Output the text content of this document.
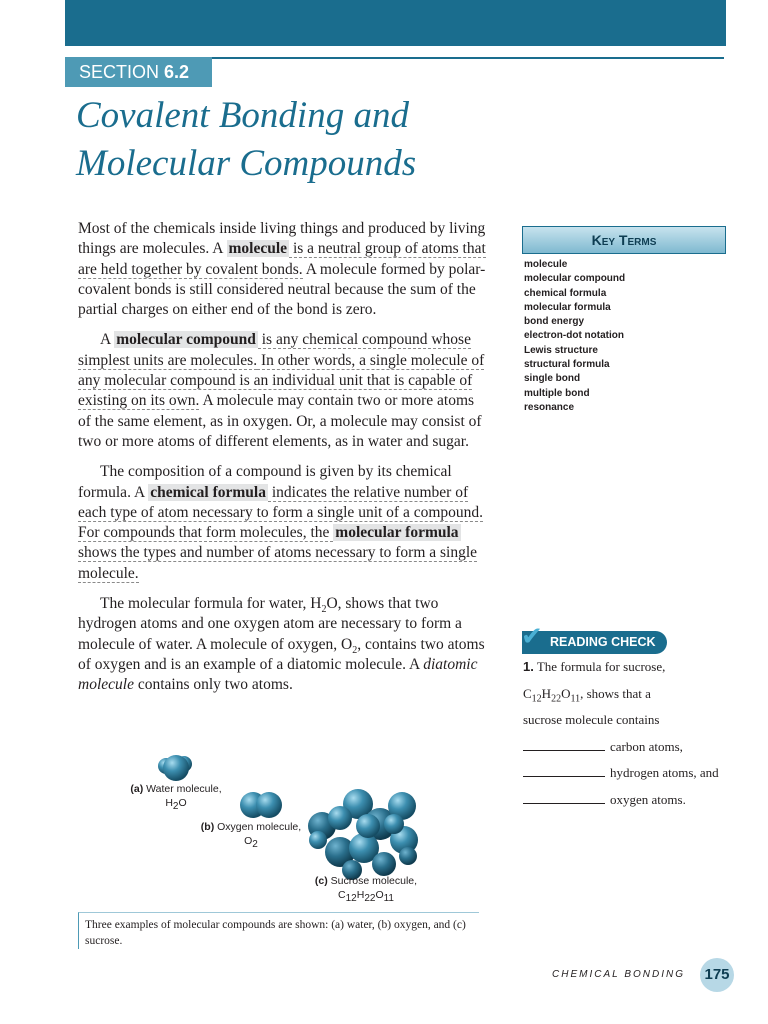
SECTION 6.2
Covalent Bonding and
Molecular Compounds

Most of the chemicals inside living things and produced by living things are molecules. A molecule is a neutral group of atoms that are held together by covalent bonds. A molecule formed by polar-covalent bonds is still considered neutral because the sum of the partial charges on either end of the bond is zero.

A molecular compound is any chemical compound whose simplest units are molecules. In other words, a single molecule of any molecular compound is an individual unit that is capable of existing on its own. A molecule may contain two or more atoms of the same element, as in oxygen. Or, a molecule may consist of two or more atoms of different elements, as in water and sugar.

The composition of a compound is given by its chemical formula. A chemical formula indicates the relative number of each type of atom necessary to form a single unit of a compound. For compounds that form molecules, the molecular formula shows the types and number of atoms necessary to form a single molecule.

The molecular formula for water, $H_2O$, shows that two hydrogen atoms and one oxygen atom are necessary to form a molecule of water. A molecule of oxygen, $O_2$, contains two atoms of oxygen and is an example of a diatomic molecule. A diatomic molecule contains only two atoms.

Key Terms
molecule
molecular compound
chemical formula
molecular formula
bond energy
electron-dot notation
Lewis structure
structural formula
single bond
multiple bond
resonance
READING CHECK
✔
1. The formula for sucrose,
$C_{12}H_{22}O_{11}$, shows that a
sucrose molecule contains
carbon atoms,
hydrogen atoms, and
oxygen atoms.
(a) Water molecule,
$H_2O$
(b) Oxygen molecule,
$O_2$
(c) Sucrose molecule,
$C_{12}H_{22}O_{11}$
Three examples of molecular compounds are shown: (a) water, (b) oxygen, and (c) sucrose.
CHEMICAL BONDING 175
